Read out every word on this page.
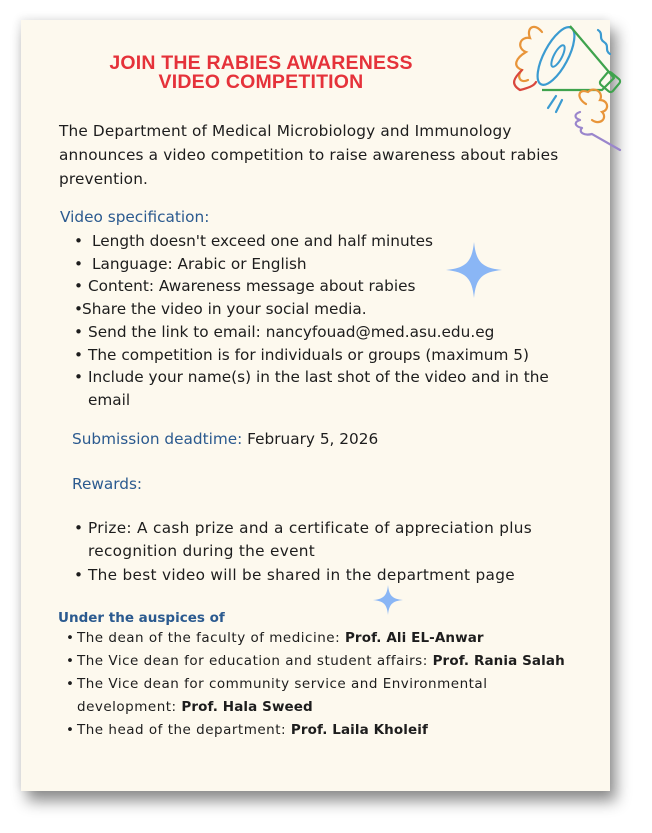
JOIN THE RABIES AWARENESS
VIDEO COMPETITION
The Department of Medical Microbiology and Immunology announces a video competition to raise awareness about rabies prevention.
Video specification:
• Length doesn't exceed one and half minutes
• Language: Arabic or English
• Content: Awareness message about rabies
• Share the video in your social media.
• Send the link to email: nancyfouad@med.asu.edu.eg
• The competition is for individuals or groups (maximum 5)
• Include your name(s) in the last shot of the video and in the email
Submission deadtime: February 5, 2026
Rewards:
• Prize: A cash prize and a certificate of appreciation plus recognition during the event
• The best video will be shared in the department page
Under the auspices of
• The dean of the faculty of medicine: Prof. Ali EL-Anwar
• The Vice dean for education and student affairs: Prof. Rania Salah
• The Vice dean for community service and Environmental development: Prof. Hala Sweed
• The head of the department: Prof. Laila Kholeif
